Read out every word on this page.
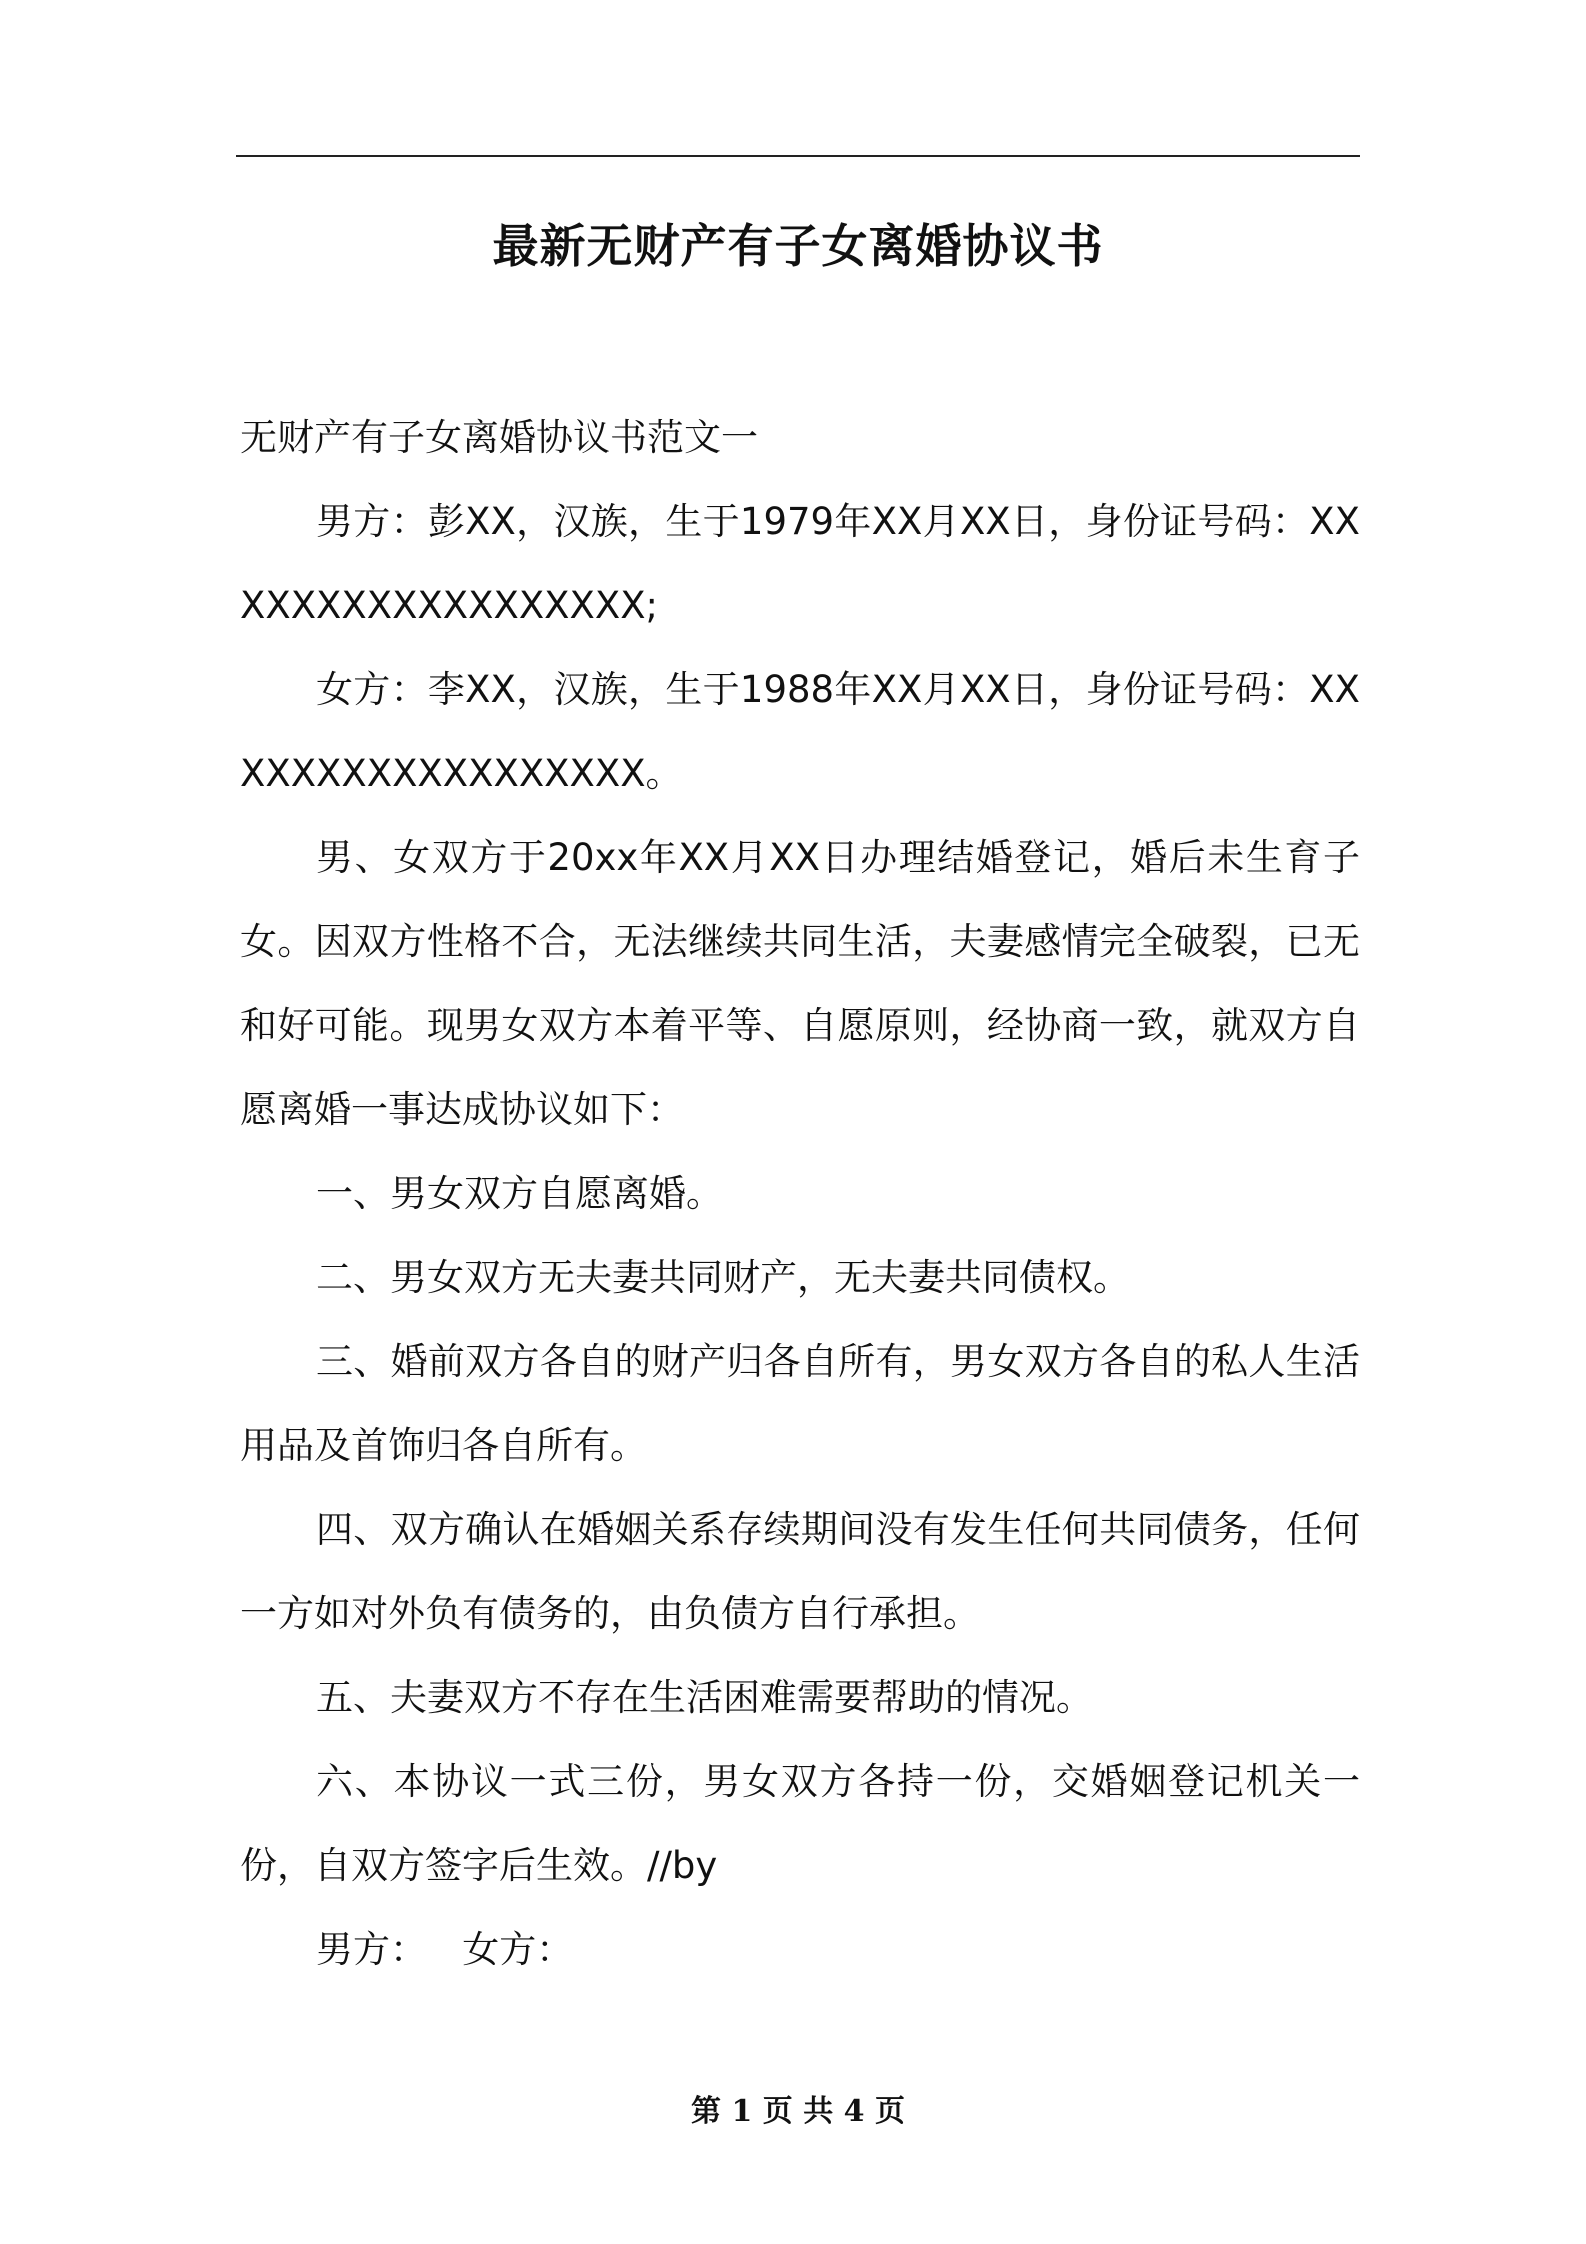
最新无财产有子女离婚协议书

无财产有子女离婚协议书范文一

男方：彭XX，汉族，生于1979年XX月XX日，身份证号码：XXXXXXXXXXXXXXXXXX;

女方：李XX，汉族，生于1988年XX月XX日，身份证号码：XXXXXXXXXXXXXXXXXX。

男、女双方于20xx年XX月XX日办理结婚登记，婚后未生育子女。因双方性格不合，无法继续共同生活，夫妻感情完全破裂，已无和好可能。现男女双方本着平等、自愿原则，经协商一致，就双方自愿离婚一事达成协议如下：

一、男女双方自愿离婚。

二、男女双方无夫妻共同财产，无夫妻共同债权。

三、婚前双方各自的财产归各自所有，男女双方各自的私人生活用品及首饰归各自所有。

四、双方确认在婚姻关系存续期间没有发生任何共同债务，任何一方如对外负有债务的，由负债方自行承担。

五、夫妻双方不存在生活困难需要帮助的情况。

六、本协议一式三份，男女双方各持一份，交婚姻登记机关一份，自双方签字后生效。//by

男方：   女方：

第 1 页 共 4 页
